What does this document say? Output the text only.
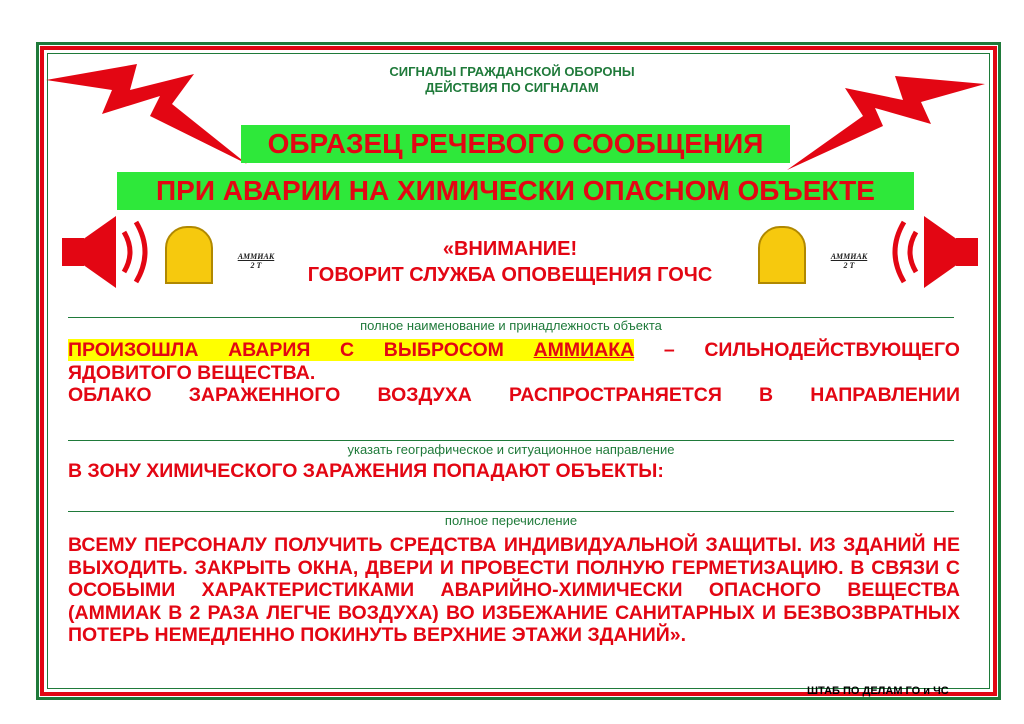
СИГНАЛЫ ГРАЖДАНСКОЙ ОБОРОНЫ
ДЕЙСТВИЯ ПО СИГНАЛАМ
ОБРАЗЕЦ РЕЧЕВОГО СООБЩЕНИЯ
ПРИ АВАРИИ НА ХИМИЧЕСКИ ОПАСНОМ ОБЪЕКТЕ
АММИАК
2 Т
«ВНИМАНИЕ!
ГОВОРИТ СЛУЖБА ОПОВЕЩЕНИЯ ГОЧС
АММИАК
2 Т
полное наименование и принадлежность объекта
ПРОИЗОШЛА АВАРИЯ С ВЫБРОСОМ АММИАКА – СИЛЬНОДЕЙСТВУЮЩЕГО
ЯДОВИТОГО ВЕЩЕСТВА.
ОБЛАКО ЗАРАЖЕННОГО ВОЗДУХА РАСПРОСТРАНЯЕТСЯ В НАПРАВЛЕНИИ
указать географическое и ситуационное направление
В ЗОНУ ХИМИЧЕСКОГО ЗАРАЖЕНИЯ ПОПАДАЮТ ОБЪЕКТЫ:
полное перечисление
ВСЕМУ ПЕРСОНАЛУ ПОЛУЧИТЬ СРЕДСТВА ИНДИВИДУАЛЬНОЙ ЗАЩИТЫ. ИЗ ЗДАНИЙ НЕ ВЫХОДИТЬ. ЗАКРЫТЬ ОКНА, ДВЕРИ И ПРОВЕСТИ ПОЛНУЮ ГЕРМЕТИЗАЦИЮ. В СВЯЗИ С ОСОБЫМИ ХАРАКТЕРИСТИКАМИ АВАРИЙНО-ХИМИЧЕСКИ ОПАСНОГО ВЕЩЕСТВА (АММИАК В 2 РАЗА ЛЕГЧЕ ВОЗДУХА) ВО ИЗБЕЖАНИЕ САНИТАРНЫХ И БЕЗВОЗВРАТНЫХ ПОТЕРЬ НЕМЕДЛЕННО ПОКИНУТЬ ВЕРХНИЕ ЭТАЖИ ЗДАНИЙ».
ШТАБ ПО ДЕЛАМ ГО и ЧС
